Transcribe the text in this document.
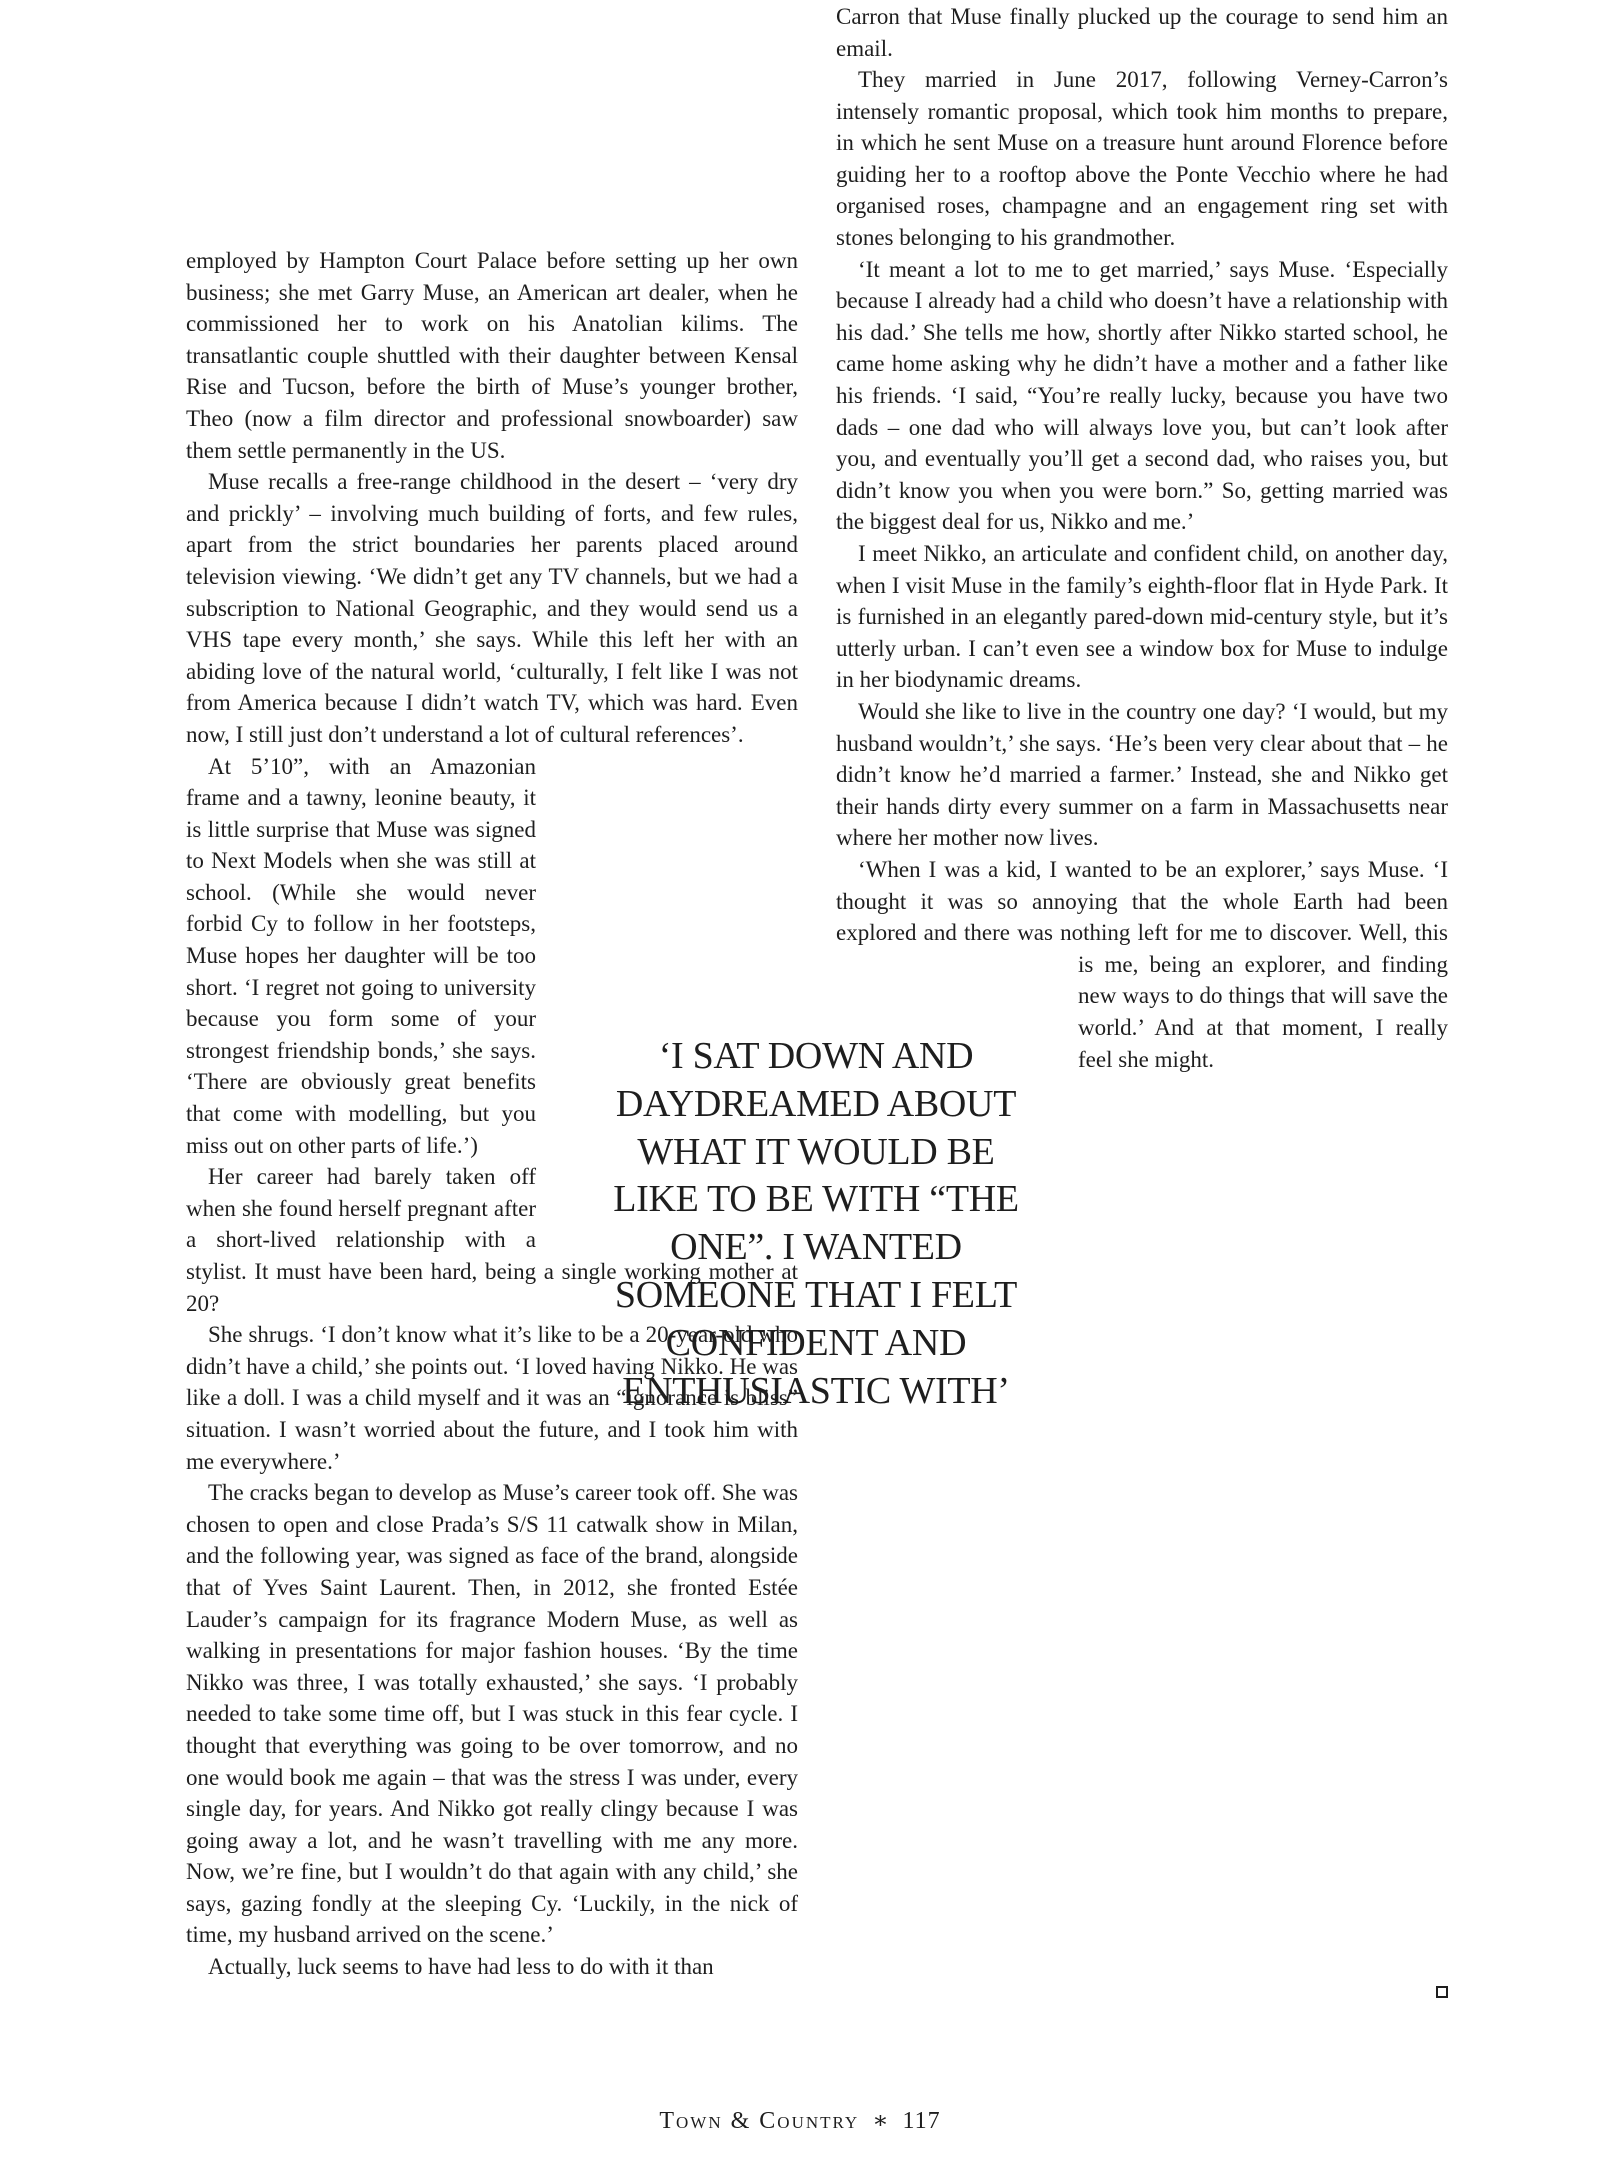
employed by Hampton Court Palace before setting up her own business; she met Garry Muse, an American art dealer, when he commissioned her to work on his Anatolian kilims. The transatlantic couple shuttled with their daughter between Kensal Rise and Tucson, before the birth of Muse’s younger brother, Theo (now a film director and professional snowboarder) saw them settle permanently in the US.

Muse recalls a free-range childhood in the desert – ‘very dry and prickly’ – involving much building of forts, and few rules, apart from the strict boundaries her parents placed around television viewing. ‘We didn’t get any TV channels, but we had a subscription to National Geographic, and they would send us a VHS tape every month,’ she says. While this left her with an abiding love of the natural world, ‘culturally, I felt like I was not from America because I didn’t watch TV, which was hard. Even now, I still just don’t understand a lot of cultural references’.

At 5’10”, with an Amazonian frame and a tawny, leonine beauty, it is little surprise that Muse was signed to Next Models when she was still at school. (While she would never forbid Cy to follow in her footsteps, Muse hopes her daughter will be too short. ‘I regret not going to university because you form some of your strongest friendship bonds,’ she says. ‘There are obviously great benefits that come with modelling, but you miss out on other parts of life.’)

Her career had barely taken off when she found herself pregnant after a short-lived relationship with a stylist. It must have been hard, being a single working mother at 20?

She shrugs. ‘I don’t know what it’s like to be a 20-year-old who didn’t have a child,’ she points out. ‘I loved having Nikko. He was like a doll. I was a child myself and it was an “ignorance is bliss” situation. I wasn’t worried about the future, and I took him with me everywhere.’

The cracks began to develop as Muse’s career took off. She was chosen to open and close Prada’s S/S 11 catwalk show in Milan, and the following year, was signed as face of the brand, alongside that of Yves Saint Laurent. Then, in 2012, she fronted Estée Lauder’s campaign for its fragrance Modern Muse, as well as walking in presentations for major fashion houses. ‘By the time Nikko was three, I was totally exhausted,’ she says. ‘I probably needed to take some time off, but I was stuck in this fear cycle. I thought that everything was going to be over tomorrow, and no one would book me again – that was the stress I was under, every single day, for years. And Nikko got really clingy because I was going away a lot, and he wasn’t travelling with me any more. Now, we’re fine, but I wouldn’t do that again with any child,’ she says, gazing fondly at the sleeping Cy. ‘Luckily, in the nick of time, my husband arrived on the scene.’

Actually, luck seems to have had less to do with it than

Carron that Muse finally plucked up the courage to send him an email.

They married in June 2017, following Verney-Carron’s intensely romantic proposal, which took him months to prepare, in which he sent Muse on a treasure hunt around Florence before guiding her to a rooftop above the Ponte Vecchio where he had organised roses, champagne and an engagement ring set with stones belonging to his grandmother.

‘It meant a lot to me to get married,’ says Muse. ‘Especially because I already had a child who doesn’t have a relationship with his dad.’ She tells me how, shortly after Nikko started school, he came home asking why he didn’t have a mother and a father like his friends. ‘I said, “You’re really lucky, because you have two dads – one dad who will always love you, but can’t look after you, and eventually you’ll get a second dad, who raises you, but didn’t know you when you were born.” So, getting married was the biggest deal for us, Nikko and me.’

I meet Nikko, an articulate and confident child, on another day, when I visit Muse in the family’s eighth-floor flat in Hyde Park. It is furnished in an elegantly pared-down mid-century style, but it’s utterly urban. I can’t even see a window box for Muse to indulge in her biodynamic dreams.

Would she like to live in the country one day? ‘I would, but my husband wouldn’t,’ she says. ‘He’s been very clear about that – he didn’t know he’d married a farmer.’ Instead, she and Nikko get their hands dirty every summer on a farm in Massachusetts near where her mother now lives.

‘When I was a kid, I wanted to be an explorer,’ says Muse. ‘I thought it was so annoying that the whole Earth had been explored and there was nothing left for me to discover. Well, this is me, being an explorer, and finding new ways to do things that will save the world.’ And at that moment, I really feel she might.

‘I SAT DOWN AND DAYDREAMED ABOUT WHAT IT WOULD BE LIKE TO BE WITH “THE ONE”. I WANTED SOMEONE THAT I FELT CONFIDENT AND ENTHUSIASTIC WITH’
Town & Country ∗ 117
